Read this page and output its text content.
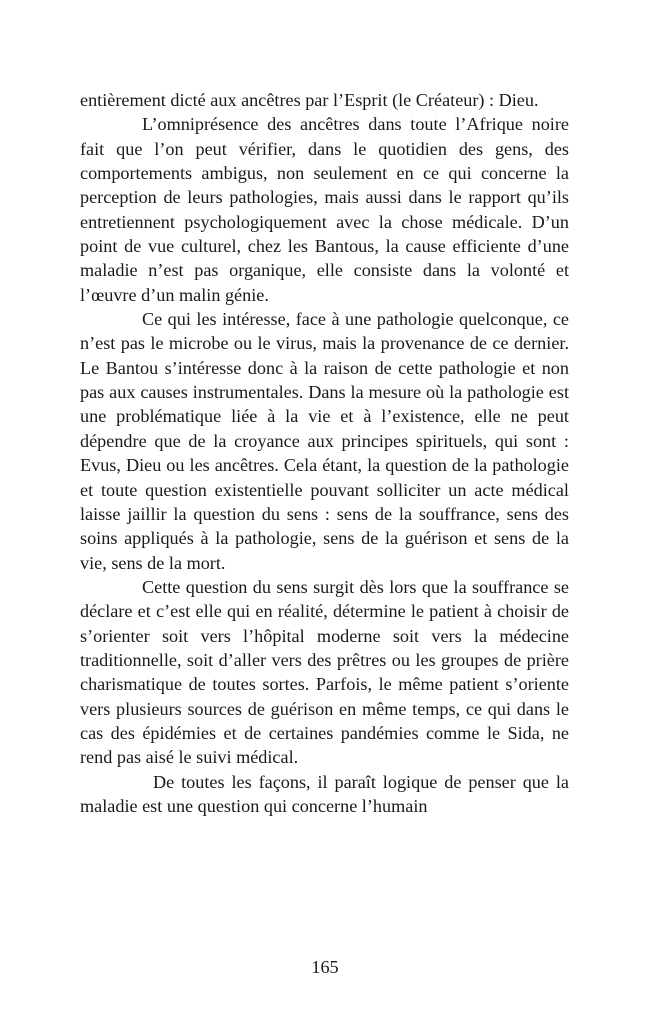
entièrement dicté aux ancêtres par l’Esprit (le Créateur) : Dieu.

L’omniprésence des ancêtres dans toute l’Afrique noire fait que l’on peut vérifier, dans le quotidien des gens, des comportements ambigus, non seulement en ce qui concerne la perception de leurs pathologies, mais aussi dans le rapport qu’ils entretiennent psychologiquement avec la chose médicale. D’un point de vue culturel, chez les Bantous, la cause efficiente d’une maladie n’est pas organique, elle consiste dans la volonté et l’œuvre d’un malin génie.

Ce qui les intéresse, face à une pathologie quelconque, ce n’est pas le microbe ou le virus, mais la provenance de ce dernier. Le Bantou s’intéresse donc à la raison de cette pathologie et non pas aux causes instrumentales. Dans la mesure où la pathologie est une problématique liée à la vie et à l’existence, elle ne peut dépendre que de la croyance aux principes spirituels, qui sont : Evus, Dieu ou les ancêtres. Cela étant, la question de la pathologie et toute question existentielle pouvant solliciter un acte médical laisse jaillir la question du sens : sens de la souffrance, sens des soins appliqués à la pathologie, sens de la guérison et sens de la vie, sens de la mort.

Cette question du sens surgit dès lors que la souffrance se déclare et c’est elle qui en réalité, détermine le patient à choisir de s’orienter soit vers l’hôpital moderne soit vers la médecine traditionnelle, soit d’aller vers des prêtres ou les groupes de prière charismatique de toutes sortes. Parfois, le même patient s’oriente vers plusieurs sources de guérison en même temps, ce qui dans le cas des épidémies et de certaines pandémies comme le Sida, ne rend pas aisé le suivi médical.

De toutes les façons, il paraît logique de penser que la maladie est une question qui concerne l’humain

165
